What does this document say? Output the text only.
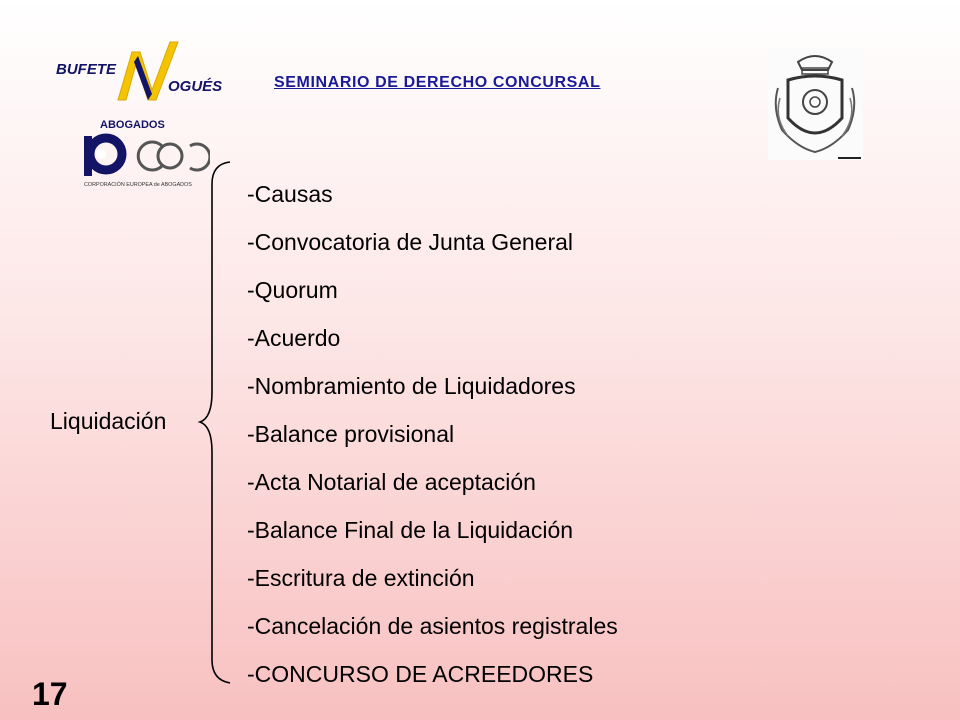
BUFETE
OGUÉS
ABOGADOS
CORPORACIÓN EUROPEA de ABOGADOS
SEMINARIO DE DERECHO CONCURSAL
Liquidación
-Causas
-Convocatoria de Junta General
-Quorum
-Acuerdo
-Nombramiento de Liquidadores
-Balance provisional
-Acta Notarial de aceptación
-Balance Final de la Liquidación
-Escritura de extinción
-Cancelación de asientos registrales
-CONCURSO DE ACREEDORES
17
